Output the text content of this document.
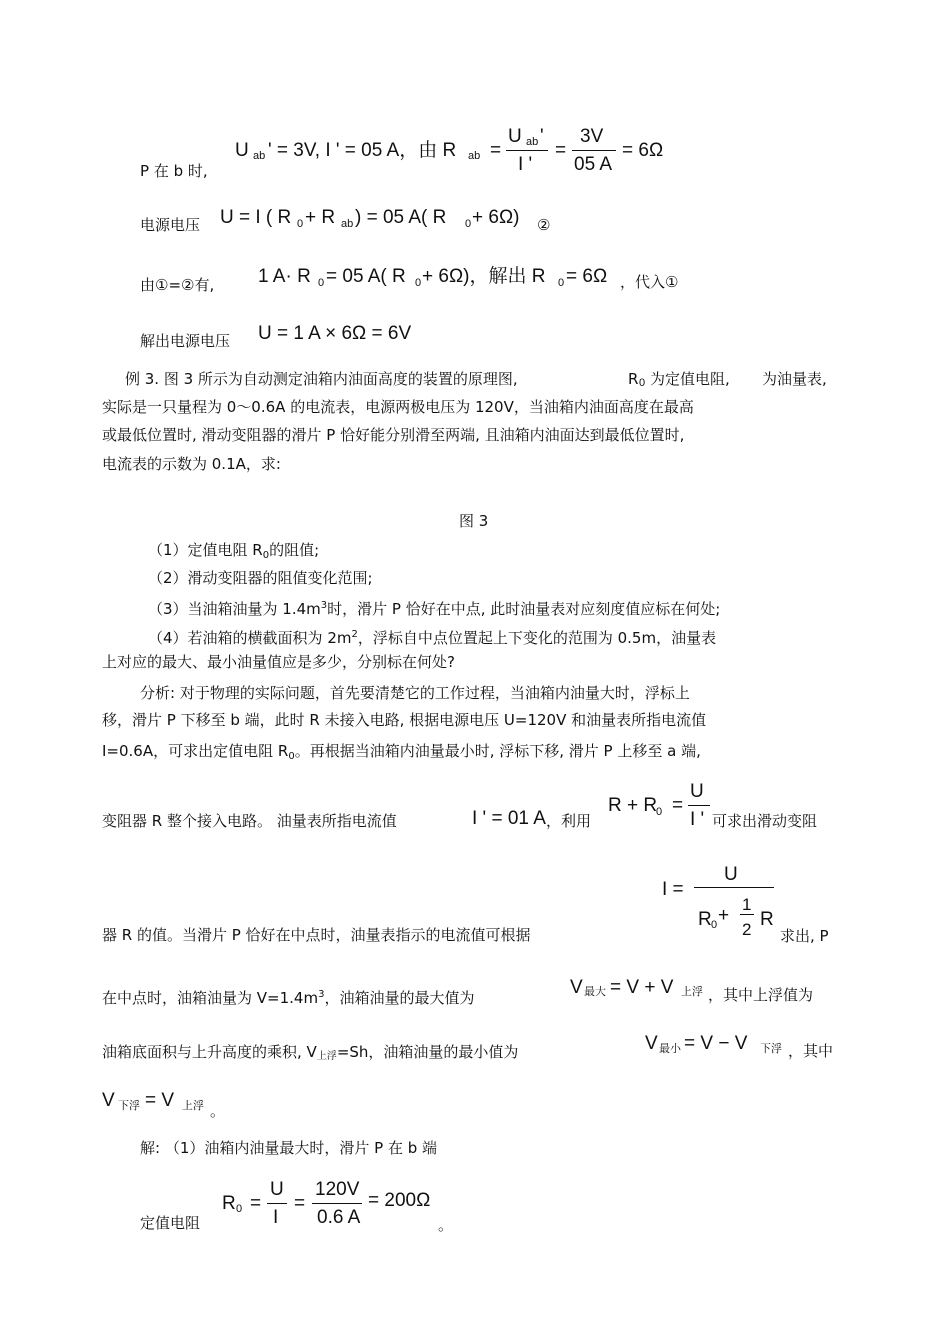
P 在 b 时,
U ab ' = 3V, I ' = 05 A，由 R ab =
U ab '
I '
=
3V
05 A
= 6Ω
电源电压 U = I ( R 0 + R ab ) = 05 A( R 0 + 6Ω) ②
由①=②有, 1 A· R 0 = 05 A( R 0 + 6Ω)，解出 R 0 = 6Ω ，代入①
解出电源电压 U = 1 A × 6Ω = 6V
例 3. 图 3 所示为自动测定油箱内油面高度的装置的原理图,	R 0 为定值电阻, 为油量表,
实际是一只量程为 0～0.6A 的电流表，电源两极电压为 120V，当油箱内油面高度在最高
或最低位置时, 滑动变阻器的滑片 P 恰好能分别滑至两端, 且油箱内油面达到最低位置时,
电流表的示数为 0.1A，求:
图 3
（1）定值电阻 $R_0$的阻值;
（2）滑动变阻器的阻值变化范围;
（3）当油箱油量为 $1.4m^3$时，滑片 P 恰好在中点, 此时油量表对应刻度值应标在何处;
（4）若油箱的横截面积为 $2m^2$，浮标自中点位置起上下变化的范围为 0.5m，油量表
上对应的最大、最小油量值应是多少，分别标在何处?
分析: 对于物理的实际问题，首先要清楚它的工作过程，当油箱内油量大时，浮标上
移，滑片 P 下移至 b 端，此时 R 未接入电路, 根据电源电压 U=120V 和油量表所指电流值
I=0.6A，可求出定值电阻 $R_0$。再根据当油箱内油量最小时, 浮标下移, 滑片 P 上移至 a 端,
变阻器 R 整个接入电路。 油量表所指电流值	I ' = 01 A ，利用
R + R
0 =
U
I ' 可求出滑动变阻
I =
U
R 0 +
1
2 R
器 R 的值。当滑片 P 恰好在中点时，油量表指示的电流值可根据	求出, P
在中点时，油箱油量为 $V=1.4m^3$，油箱油量的最大值为	V 最大 = V + V 上浮 ，其中上浮值为
油箱底面积与上升高度的乘积, V上浮=Sh，油箱油量的最小值为	V 最小 = V − V 下浮 ，其中
V 下浮 = V 上浮 。
解: （1）油箱内油量最大时，滑片 P 在 b 端
定值电阻
R 0 =
U
I
=
120V
0.6 A
= 200Ω
。
